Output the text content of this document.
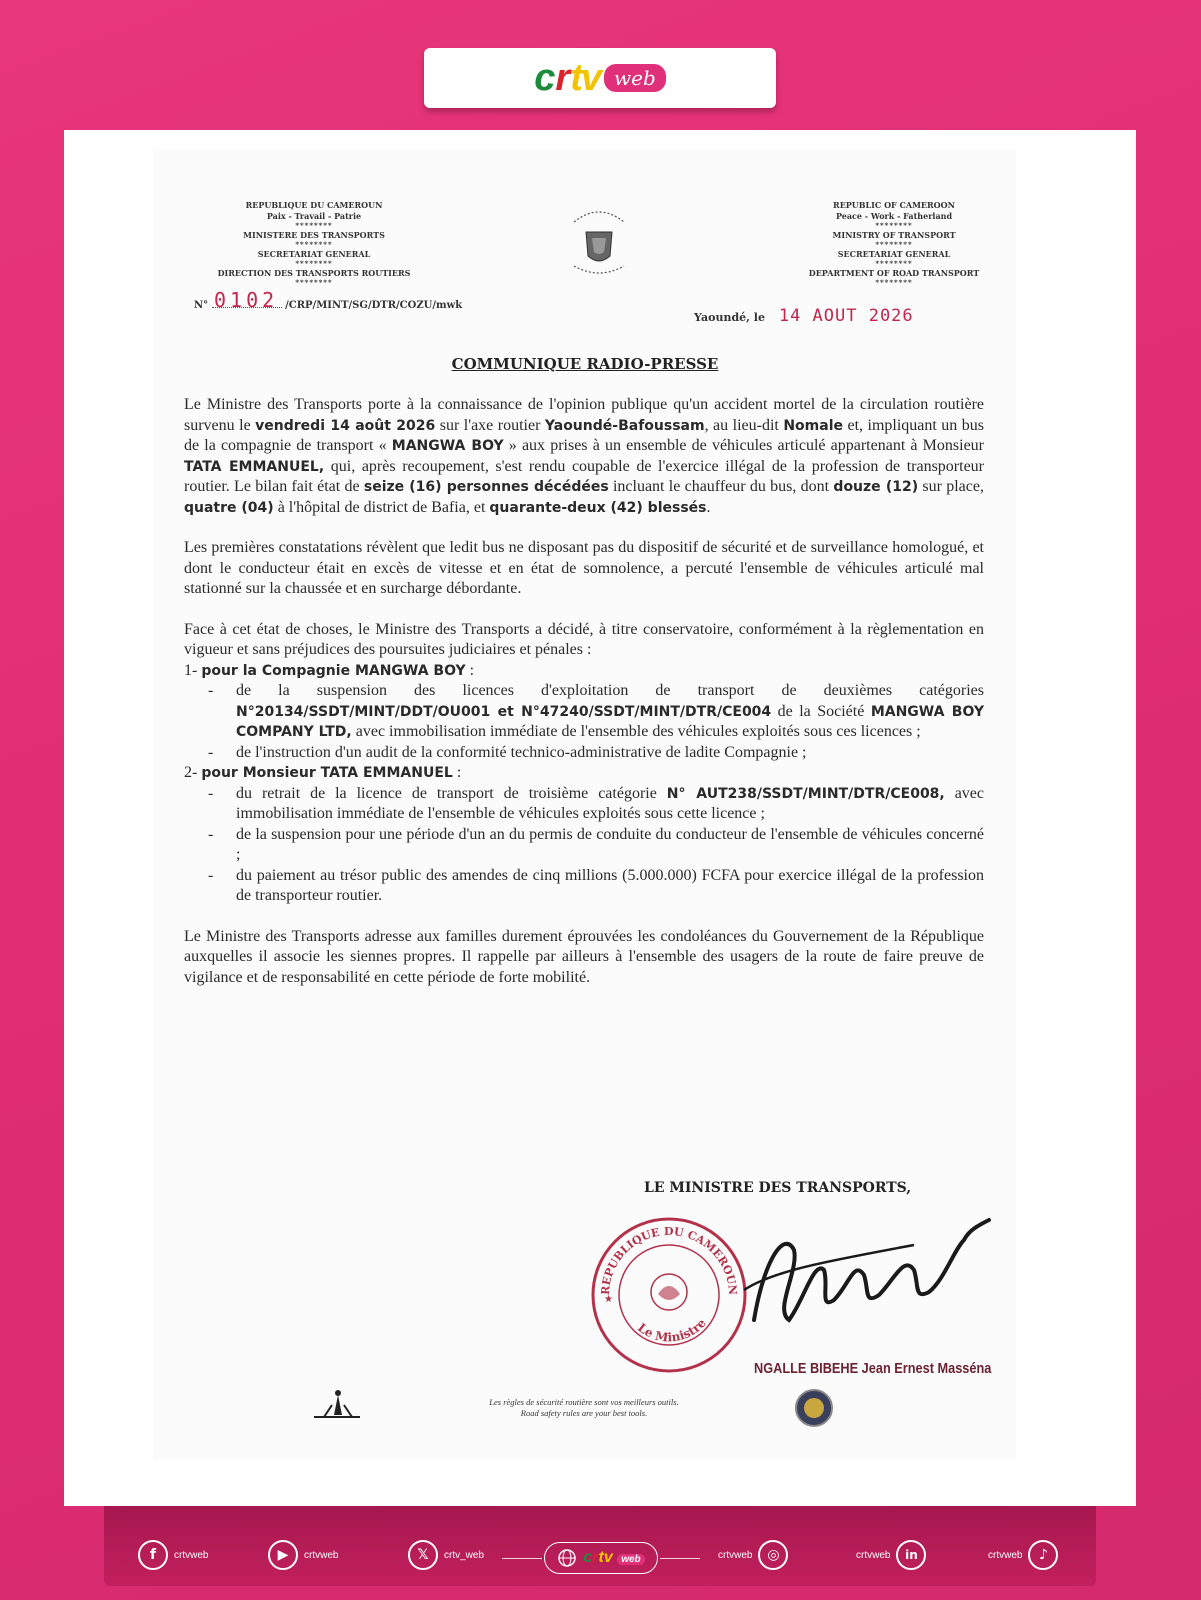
c r tv web
REPUBLIQUE DU CAMEROUN
Paix - Travail - Patrie
********
MINISTERE DES TRANSPORTS
********
SECRETARIAT GENERAL
********
DIRECTION DES TRANSPORTS ROUTIERS
********
REPUBLIC OF CAMEROON
Peace - Work - Fatherland
********
MINISTRY OF TRANSPORT
********
SECRETARIAT GENERAL
********
DEPARTMENT OF ROAD TRANSPORT
********
N° 0102 /CRP/MINT/SG/DTR/COZU/mwk
Yaoundé, le 14 AOUT 2026
COMMUNIQUE RADIO-PRESSE

Le Ministre des Transports porte à la connaissance de l'opinion publique qu'un accident mortel de la circulation routière survenu le vendredi 14 août 2026 sur l'axe routier Yaoundé-Bafoussam, au lieu-dit Nomale et, impliquant un bus de la compagnie de transport « MANGWA BOY » aux prises à un ensemble de véhicules articulé appartenant à Monsieur TATA EMMANUEL, qui, après recoupement, s'est rendu coupable de l'exercice illégal de la profession de transporteur routier. Le bilan fait état de seize (16) personnes décédées incluant le chauffeur du bus, dont douze (12) sur place, quatre (04) à l'hôpital de district de Bafia, et quarante-deux (42) blessés.

Les premières constatations révèlent que ledit bus ne disposant pas du dispositif de sécurité et de surveillance homologué, et dont le conducteur était en excès de vitesse et en état de somnolence, a percuté l'ensemble de véhicules articulé mal stationné sur la chaussée et en surcharge débordante.

Face à cet état de choses, le Ministre des Transports a décidé, à titre conservatoire, conformément à la règlementation en vigueur et sans préjudices des poursuites judiciaires et pénales :

1- pour la Compagnie MANGWA BOY :
- de la suspension des licences d'exploitation de transport de deuxièmes catégories N°20134/SSDT/MINT/DDT/OU001 et N°47240/SSDT/MINT/DTR/CE004 de la Société MANGWA BOY COMPANY LTD, avec immobilisation immédiate de l'ensemble des véhicules exploités sous ces licences ;
- de l'instruction d'un audit de la conformité technico-administrative de ladite Compagnie ;
2- pour Monsieur TATA EMMANUEL :
- du retrait de la licence de transport de troisième catégorie N° AUT238/SSDT/MINT/DTR/CE008, avec immobilisation immédiate de l'ensemble de véhicules exploités sous cette licence ;
- de la suspension pour une période d'un an du permis de conduite du conducteur de l'ensemble de véhicules concerné ;
- du paiement au trésor public des amendes de cinq millions (5.000.000) FCFA pour exercice illégal de la profession de transporteur routier.

Le Ministre des Transports adresse aux familles durement éprouvées les condoléances du Gouvernement de la République auxquelles il associe les siennes propres. Il rappelle par ailleurs à l'ensemble des usagers de la route de faire preuve de vigilance et de responsabilité en cette période de forte mobilité.

LE MINISTRE DES TRANSPORTS,
REPUBLIQUE DU CAMEROUN
Le Ministre
★
NGALLE BIBEHE Jean Ernest Masséna
Les règles de sécurité routière sont vos meilleurs outils.
Road safety rules are your best tools.
f	crtvweb	▶	crtvweb	𝕏	crtv_web	crtv web	crtvweb	◎	crtvweb	in	crtvweb	♪
